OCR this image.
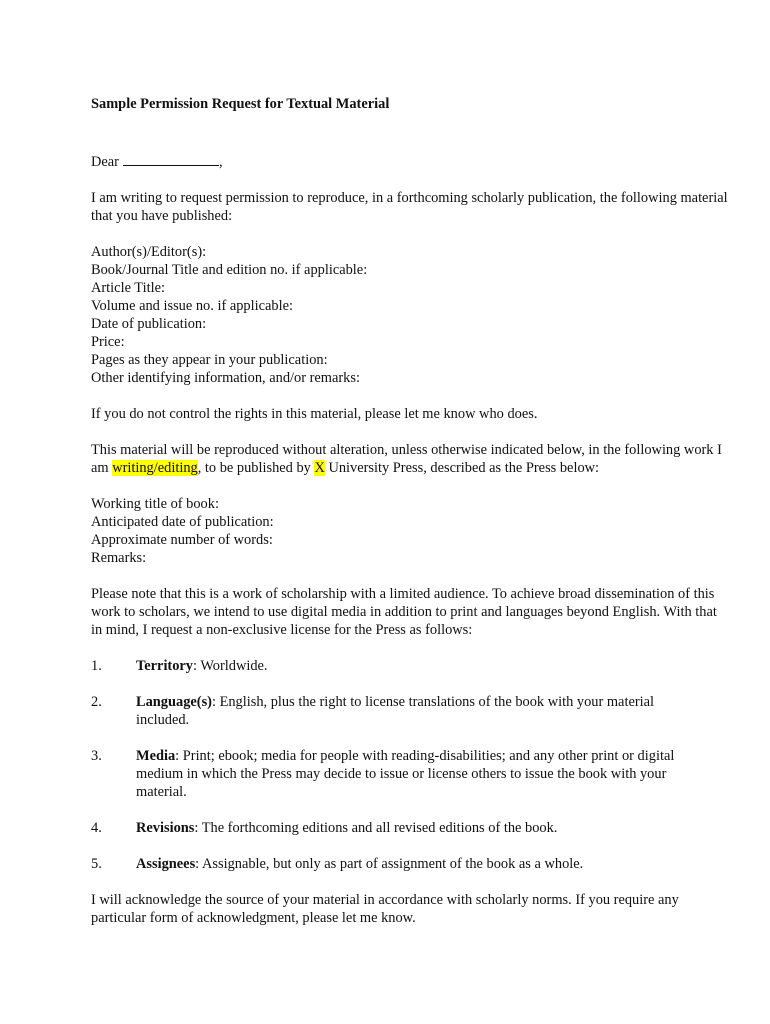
Sample Permission Request for Textual Material

Dear	,

I am writing to request permission to reproduce, in a forthcoming scholarly publication, the following material that you have published:

Author(s)/Editor(s):

Book/Journal Title and edition no. if applicable:

Article Title:

Volume and issue no. if applicable:

Date of publication:

Price:

Pages as they appear in your publication:

Other identifying information, and/or remarks:

If you do not control the rights in this material, please let me know who does.

This material will be reproduced without alteration, unless otherwise indicated below, in the following work I am writing/editing, to be published by X University Press, described as the Press below:

Working title of book:

Anticipated date of publication:

Approximate number of words:

Remarks:

Please note that this is a work of scholarship with a limited audience. To achieve broad dissemination of this work to scholars, we intend to use digital media in addition to print and languages beyond English. With that in mind, I request a non-exclusive license for the Press as follows:

1.	Territory: Worldwide.
2.	Language(s): English, plus the right to license translations of the book with your material included.
3.	Media: Print; ebook; media for people with reading-disabilities; and any other print or digital medium in which the Press may decide to issue or license others to issue the book with your material.
4.	Revisions: The forthcoming editions and all revised editions of the book.
5.	Assignees: Assignable, but only as part of assignment of the book as a whole.

I will acknowledge the source of your material in accordance with scholarly norms. If you require any particular form of acknowledgment, please let me know.
